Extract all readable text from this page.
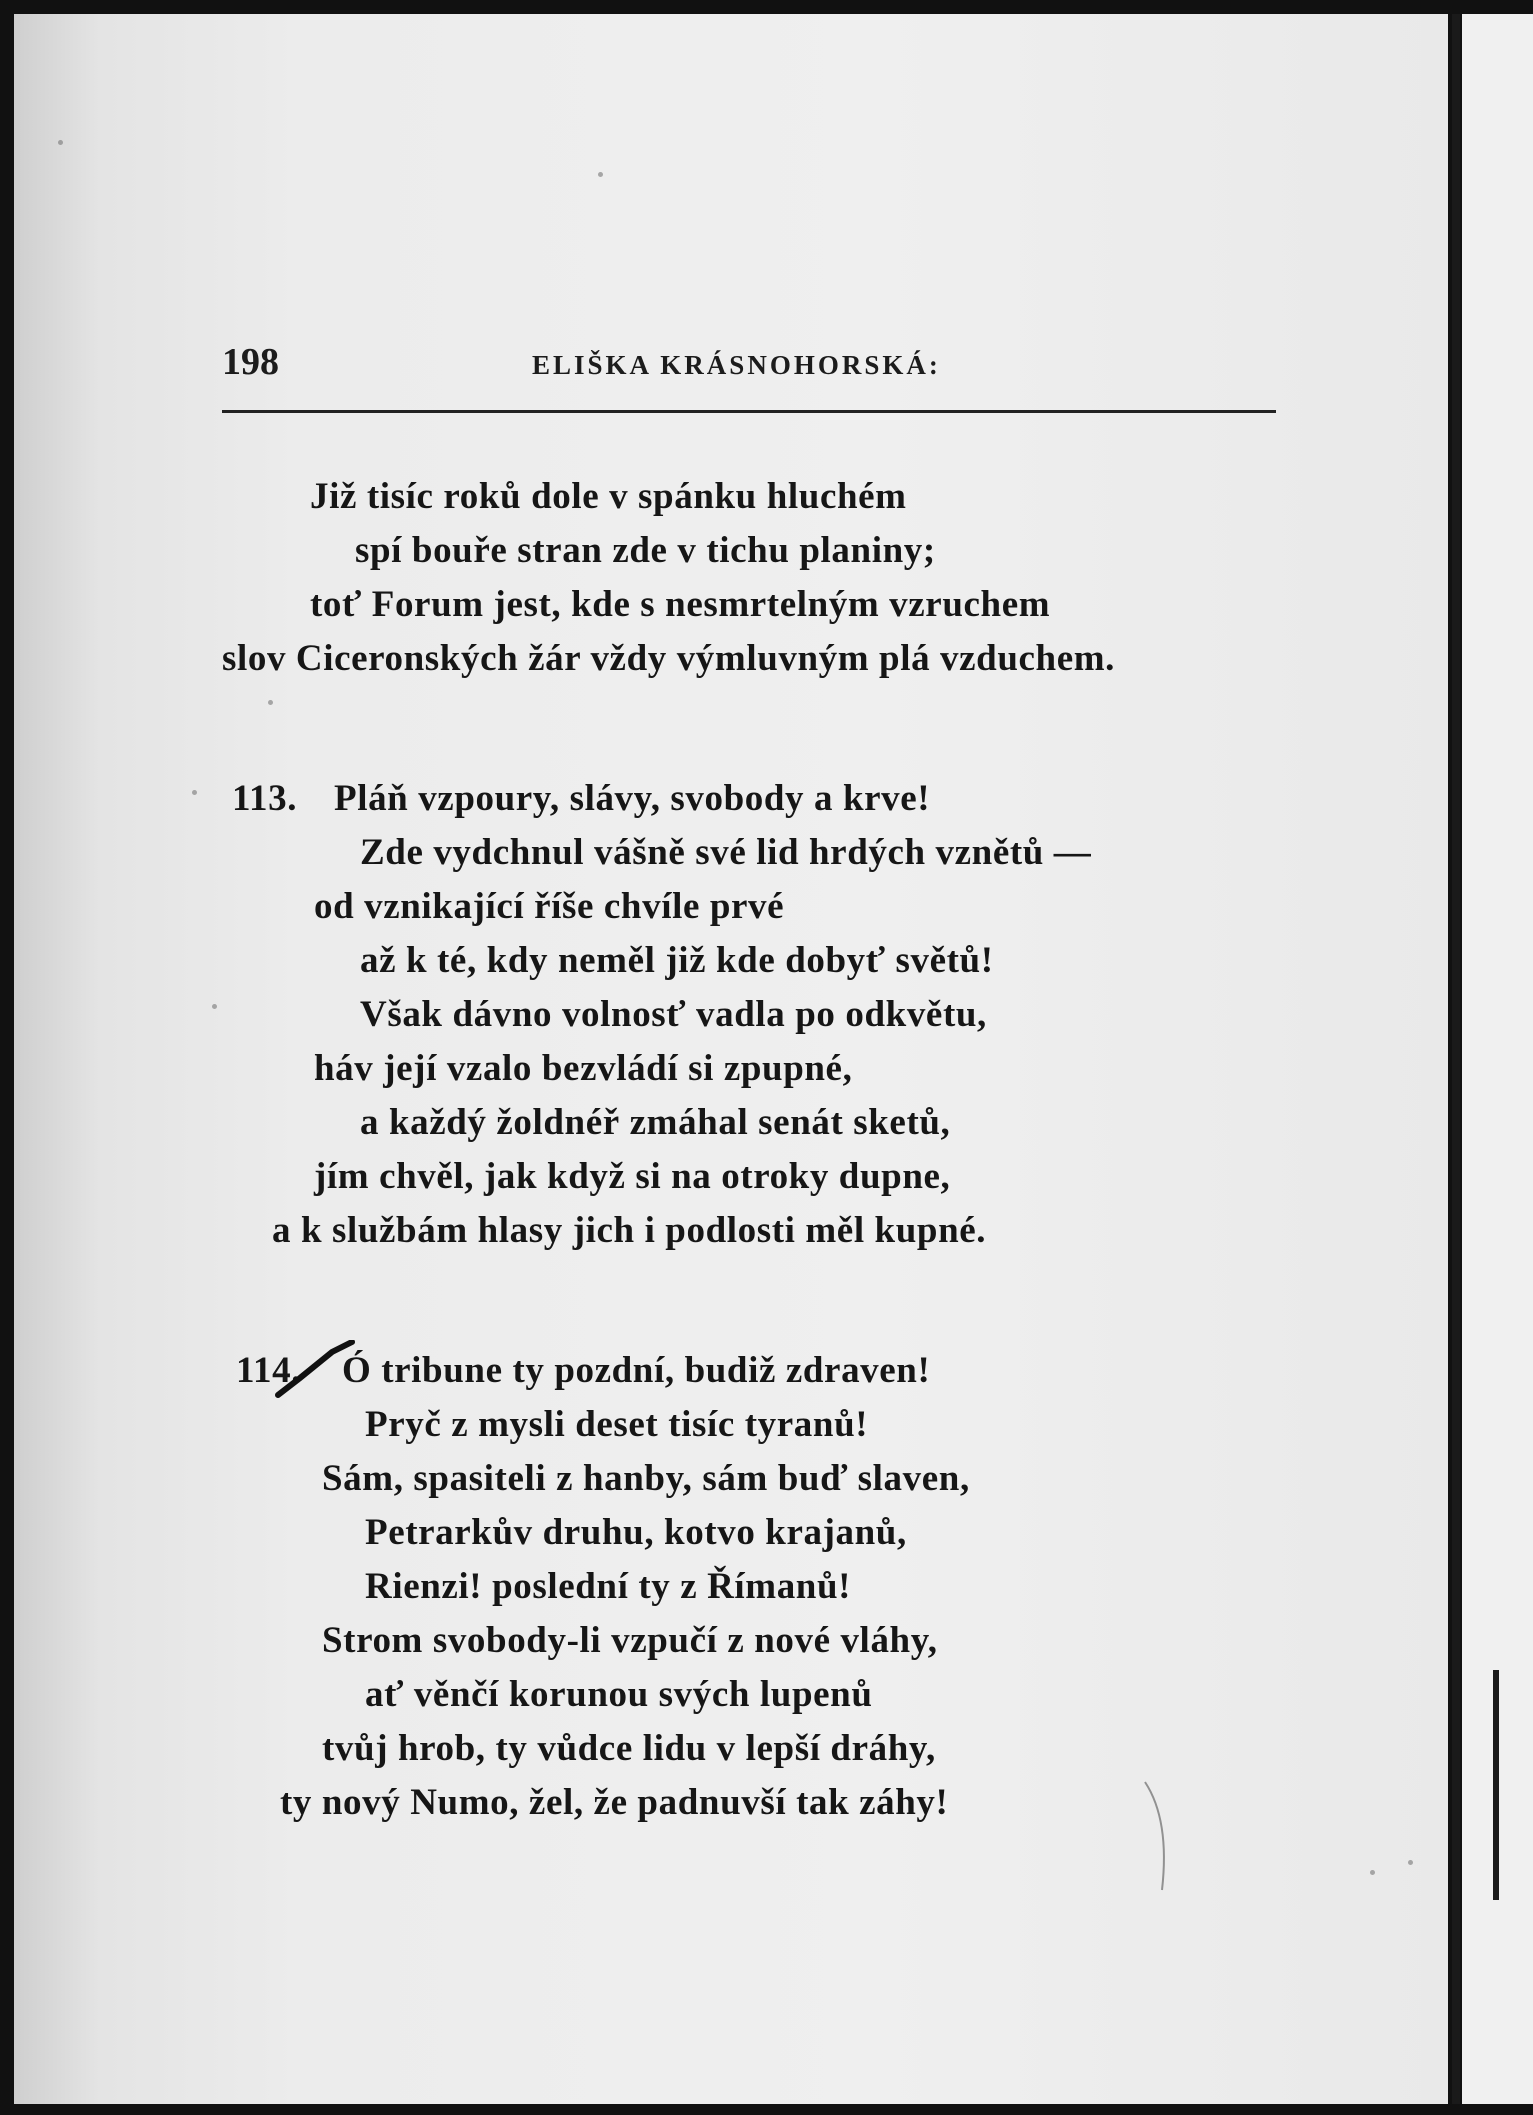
198	ELIŠKA KRÁSNOHORSKÁ:
Již tisíc roků dole v spánku hluchém
spí bouře stran zde v tichu planiny;
toť Forum jest, kde s nesmrtelným vzruchem
slov Ciceronských žár vždy výmluvným plá vzduchem.
113. Pláň vzpoury, slávy, svobody a krve!
Zde vydchnul vášně své lid hrdých vznětů —
od vznikající říše chvíle prvé
až k té, kdy neměl již kde dobyť světů!
Však dávno volnosť vadla po odkvětu,
háv její vzalo bezvládí si zpupné,
a každý žoldnéř zmáhal senát sketů,
jím chvěl, jak když si na otroky dupne,
a k službám hlasy jich i podlosti měl kupné.
114. Ó tribune ty pozdní, budiž zdraven!
Pryč z mysli deset tisíc tyranů!
Sám, spasiteli z hanby, sám buď slaven,
Petrarkův druhu, kotvo krajanů,
Rienzi! poslední ty z Římanů!
Strom svobody-li vzpučí z nové vláhy,
ať věnčí korunou svých lupenů
tvůj hrob, ty vůdce lidu v lepší dráhy,
ty nový Numo, žel, že padnuvší tak záhy!
